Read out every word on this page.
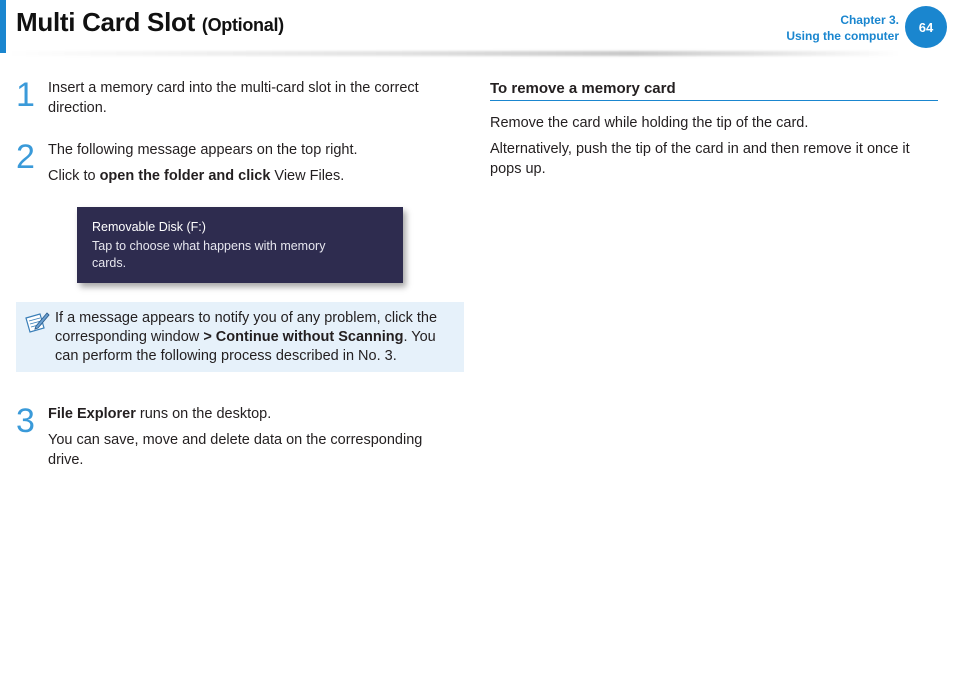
Multi Card Slot (Optional)	Chapter 3.
Using the computer
64
1 Insert a memory card into the multi-card slot in the correct direction.

2 The following message appears on the top right.

Click to open the folder and click View Files.

Removable Disk (F:)
Tap to choose what happens with memory cards.
If a message appears to notify you of any problem, click the corresponding window > Continue without Scanning. You can perform the following process described in No. 3.
3 File Explorer runs on the desktop.

You can save, move and delete data on the corresponding drive.

To remove a memory card

Remove the card while holding the tip of the card.

Alternatively, push the tip of the card in and then remove it once it pops up.
